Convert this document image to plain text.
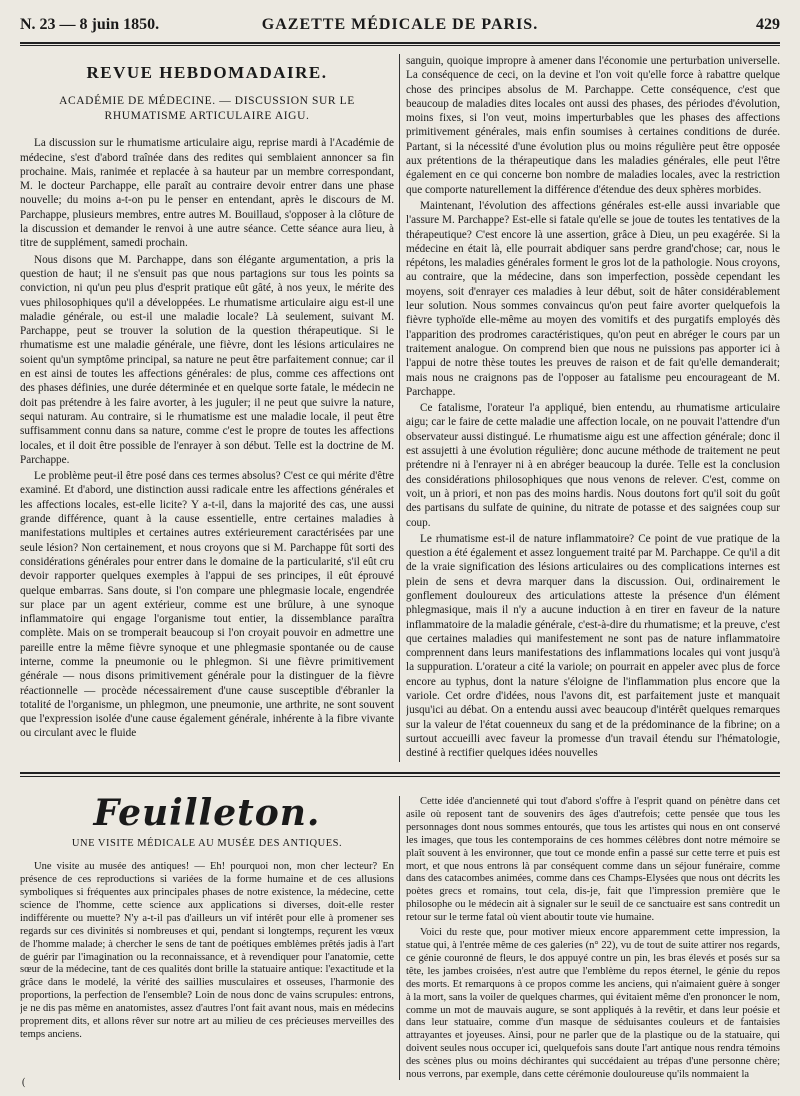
N. 23 — 8 juin 1850.	GAZETTE MÉDICALE DE PARIS.	429
REVUE HEBDOMADAIRE.
ACADÉMIE DE MÉDECINE. — DISCUSSION SUR LE RHUMATISME ARTICULAIRE AIGU.

La discussion sur le rhumatisme articulaire aigu, reprise mardi à l'Académie de médecine, s'est d'abord traînée dans des redites qui semblaient annoncer sa fin prochaine. Mais, ranimée et replacée à sa hauteur par un membre correspondant, M. le docteur Parchappe, elle paraît au contraire devoir entrer dans une phase nouvelle; du moins a-t-on pu le penser en entendant, après le discours de M. Parchappe, plusieurs membres, entre autres M. Bouillaud, s'opposer à la clôture de la discussion et demander le renvoi à une autre séance. Cette séance aura lieu, à titre de supplément, samedi prochain.

Nous disons que M. Parchappe, dans son élégante argumentation, a pris la question de haut; il ne s'ensuit pas que nous partagions sur tous les points sa conviction, ni qu'un peu plus d'esprit pratique eût gâté, à nos yeux, le mérite des vues philosophiques qu'il a développées. Le rhumatisme articulaire aigu est-il une maladie générale, ou est-il une maladie locale? Là seulement, suivant M. Parchappe, peut se trouver la solution de la question thérapeutique. Si le rhumatisme est une maladie générale, une fièvre, dont les lésions articulaires ne soient qu'un symptôme principal, sa nature ne peut être parfaitement connue; car il en est ainsi de toutes les affections générales: de plus, comme ces affections ont des phases définies, une durée déterminée et en quelque sorte fatale, le médecin ne doit pas prétendre à les faire avorter, à les juguler; il ne peut que suivre la nature, sequi naturam. Au contraire, si le rhumatisme est une maladie locale, il peut être suffisamment connu dans sa nature, comme c'est le propre de toutes les affections locales, et il doit être possible de l'enrayer à son début. Telle est la doctrine de M. Parchappe.

Le problème peut-il être posé dans ces termes absolus? C'est ce qui mérite d'être examiné. Et d'abord, une distinction aussi radicale entre les affections générales et les affections locales, est-elle licite? Y a-t-il, dans la majorité des cas, une aussi grande différence, quant à la cause essentielle, entre certaines maladies à manifestations multiples et certaines autres extérieurement caractérisées par une seule lésion? Non certainement, et nous croyons que si M. Parchappe fût sorti des considérations générales pour entrer dans le domaine de la particularité, s'il eût cru devoir rapporter quelques exemples à l'appui de ses principes, il eût éprouvé quelque embarras. Sans doute, si l'on compare une phlegmasie locale, engendrée sur place par un agent extérieur, comme est une brûlure, à une synoque inflammatoire qui engage l'organisme tout entier, la dissemblance paraîtra complète. Mais on se tromperait beaucoup si l'on croyait pouvoir en admettre une pareille entre la même fièvre synoque et une phlegmasie spontanée ou de cause interne, comme la pneumonie ou le phlegmon. Si une fièvre primitivement générale — nous disons primitivement générale pour la distinguer de la fièvre réactionnelle — procède nécessairement d'une cause susceptible d'ébranler la totalité de l'organisme, un phlegmon, une pneumonie, une arthrite, ne sont souvent que l'expression isolée d'une cause également générale, inhérente à la fibre vivante ou circulant avec le fluide

sanguin, quoique impropre à amener dans l'économie une perturbation universelle. La conséquence de ceci, on la devine et l'on voit qu'elle force à rabattre quelque chose des principes absolus de M. Parchappe. Cette conséquence, c'est que beaucoup de maladies dites locales ont aussi des phases, des périodes d'évolution, moins fixes, si l'on veut, moins imperturbables que les phases des affections primitivement générales, mais enfin soumises à certaines conditions de durée. Partant, si la nécessité d'une évolution plus ou moins régulière peut être opposée aux prétentions de la thérapeutique dans les maladies générales, elle peut l'être également en ce qui concerne bon nombre de maladies locales, avec la restriction que comporte naturellement la différence d'étendue des deux sphères morbides.

Maintenant, l'évolution des affections générales est-elle aussi invariable que l'assure M. Parchappe? Est-elle si fatale qu'elle se joue de toutes les tentatives de la thérapeutique? C'est encore là une assertion, grâce à Dieu, un peu exagérée. Si la médecine en était là, elle pourrait abdiquer sans perdre grand'chose; car, nous le répétons, les maladies générales forment le gros lot de la pathologie. Nous croyons, au contraire, que la médecine, dans son imperfection, possède cependant les moyens, soit d'enrayer ces maladies à leur début, soit de hâter considérablement leur solution. Nous sommes convaincus qu'on peut faire avorter quelquefois la fièvre typhoïde elle-même au moyen des vomitifs et des purgatifs employés dès l'apparition des prodromes caractéristiques, qu'on peut en abréger le cours par un traitement analogue. On comprend bien que nous ne puissions pas apporter ici à l'appui de notre thèse toutes les preuves de raison et de fait qu'elle demanderait; mais nous ne craignons pas de l'opposer au fatalisme peu encourageant de M. Parchappe.

Ce fatalisme, l'orateur l'a appliqué, bien entendu, au rhumatisme articulaire aigu; car le faire de cette maladie une affection locale, on ne pouvait l'attendre d'un observateur aussi distingué. Le rhumatisme aigu est une affection générale; donc il est assujetti à une évolution régulière; donc aucune méthode de traitement ne peut prétendre ni à l'enrayer ni à en abréger beaucoup la durée. Telle est la conclusion des considérations philosophiques que nous venons de relever. C'est, comme on voit, un à priori, et non pas des moins hardis. Nous doutons fort qu'il soit du goût des partisans du sulfate de quinine, du nitrate de potasse et des saignées coup sur coup.

Le rhumatisme est-il de nature inflammatoire? Ce point de vue pratique de la question a été également et assez longuement traité par M. Parchappe. Ce qu'il a dit de la vraie signification des lésions articulaires ou des complications internes est plein de sens et devra marquer dans la discussion. Oui, ordinairement le gonflement douloureux des articulations atteste la présence d'un élément phlegmasique, mais il n'y a aucune induction à en tirer en faveur de la nature inflammatoire de la maladie générale, c'est-à-dire du rhumatisme; et la preuve, c'est que certaines maladies qui manifestement ne sont pas de nature inflammatoire comprennent dans leurs manifestations des inflammations locales qui vont jusqu'à la suppuration. L'orateur a cité la variole; on pourrait en appeler avec plus de force encore au typhus, dont la nature s'éloigne de l'inflammation plus encore que la variole. Cet ordre d'idées, nous l'avons dit, est parfaitement juste et manquait jusqu'ici au débat. On a entendu aussi avec beaucoup d'intérêt quelques remarques sur la valeur de l'état couenneux du sang et de la prédominance de la fibrine; on a surtout accueilli avec faveur la promesse d'un travail étendu sur l'hématologie, destiné à rectifier quelques idées nouvelles

Feuilleton.

UNE VISITE MÉDICALE AU MUSÉE DES ANTIQUES.

Une visite au musée des antiques! — Eh! pourquoi non, mon cher lecteur? En présence de ces reproductions si variées de la forme humaine et de ces allusions symboliques si fréquentes aux principales phases de notre existence, la médecine, cette science de l'homme, cette science aux applications si diverses, doit-elle rester indifférente ou muette? N'y a-t-il pas d'ailleurs un vif intérêt pour elle à promener ses regards sur ces divinités si nombreuses et qui, pendant si longtemps, reçurent les vœux de l'homme malade; à chercher le sens de tant de poétiques emblèmes prêtés jadis à l'art de guérir par l'imagination ou la reconnaissance, et à revendiquer pour l'anatomie, cette sœur de la médecine, tant de ces qualités dont brille la statuaire antique: l'exactitude et la grâce dans le modelé, la vérité des saillies musculaires et osseuses, l'harmonie des proportions, la perfection de l'ensemble? Loin de nous donc de vains scrupules: entrons, je ne dis pas même en anatomistes, assez d'autres l'ont fait avant nous, mais en médecins proprement dits, et allons rêver sur notre art au milieu de ces précieuses merveilles des temps anciens.

Cette idée d'ancienneté qui tout d'abord s'offre à l'esprit quand on pénètre dans cet asile où reposent tant de souvenirs des âges d'autrefois; cette pensée que tous les personnages dont nous sommes entourés, que tous les artistes qui nous en ont conservé les images, que tous les contemporains de ces hommes célèbres dont notre mémoire se plaît souvent à les environner, que tout ce monde enfin a passé sur cette terre et puis est mort, et que nous entrons là par conséquent comme dans un séjour funéraire, comme dans des catacombes animées, comme dans ces Champs-Elysées que nous ont décrits les poètes grecs et romains, tout cela, dis-je, fait que l'impression première que le philosophe ou le médecin ait à signaler sur le seuil de ce sanctuaire est sans contredit un retour sur le terme fatal où vient aboutir toute vie humaine.

Voici du reste que, pour motiver mieux encore apparemment cette impression, la statue qui, à l'entrée même de ces galeries (n° 22), vu de tout de suite attirer nos regards, ce génie couronné de fleurs, le dos appuyé contre un pin, les bras élevés et posés sur sa tête, les jambes croisées, n'est autre que l'emblème du repos éternel, le génie du repos des morts. Et remarquons à ce propos comme les anciens, qui n'aimaient guère à songer à la mort, sans la voiler de quelques charmes, qui évitaient même d'en prononcer le nom, comme un mot de mauvais augure, se sont appliqués à la revêtir, et dans leur poésie et dans leur statuaire, comme d'un masque de séduisantes couleurs et de fantaisies attrayantes et joyeuses. Ainsi, pour ne parler que de la plastique ou de la statuaire, qui doivent seules nous occuper ici, quelquefois sans doute l'art antique nous rendra témoins des scènes plus ou moins déchirantes qui succédaient au trépas d'une personne chère; nous verrons, par exemple, dans cette cérémonie douloureuse qu'ils nommaient la

(
